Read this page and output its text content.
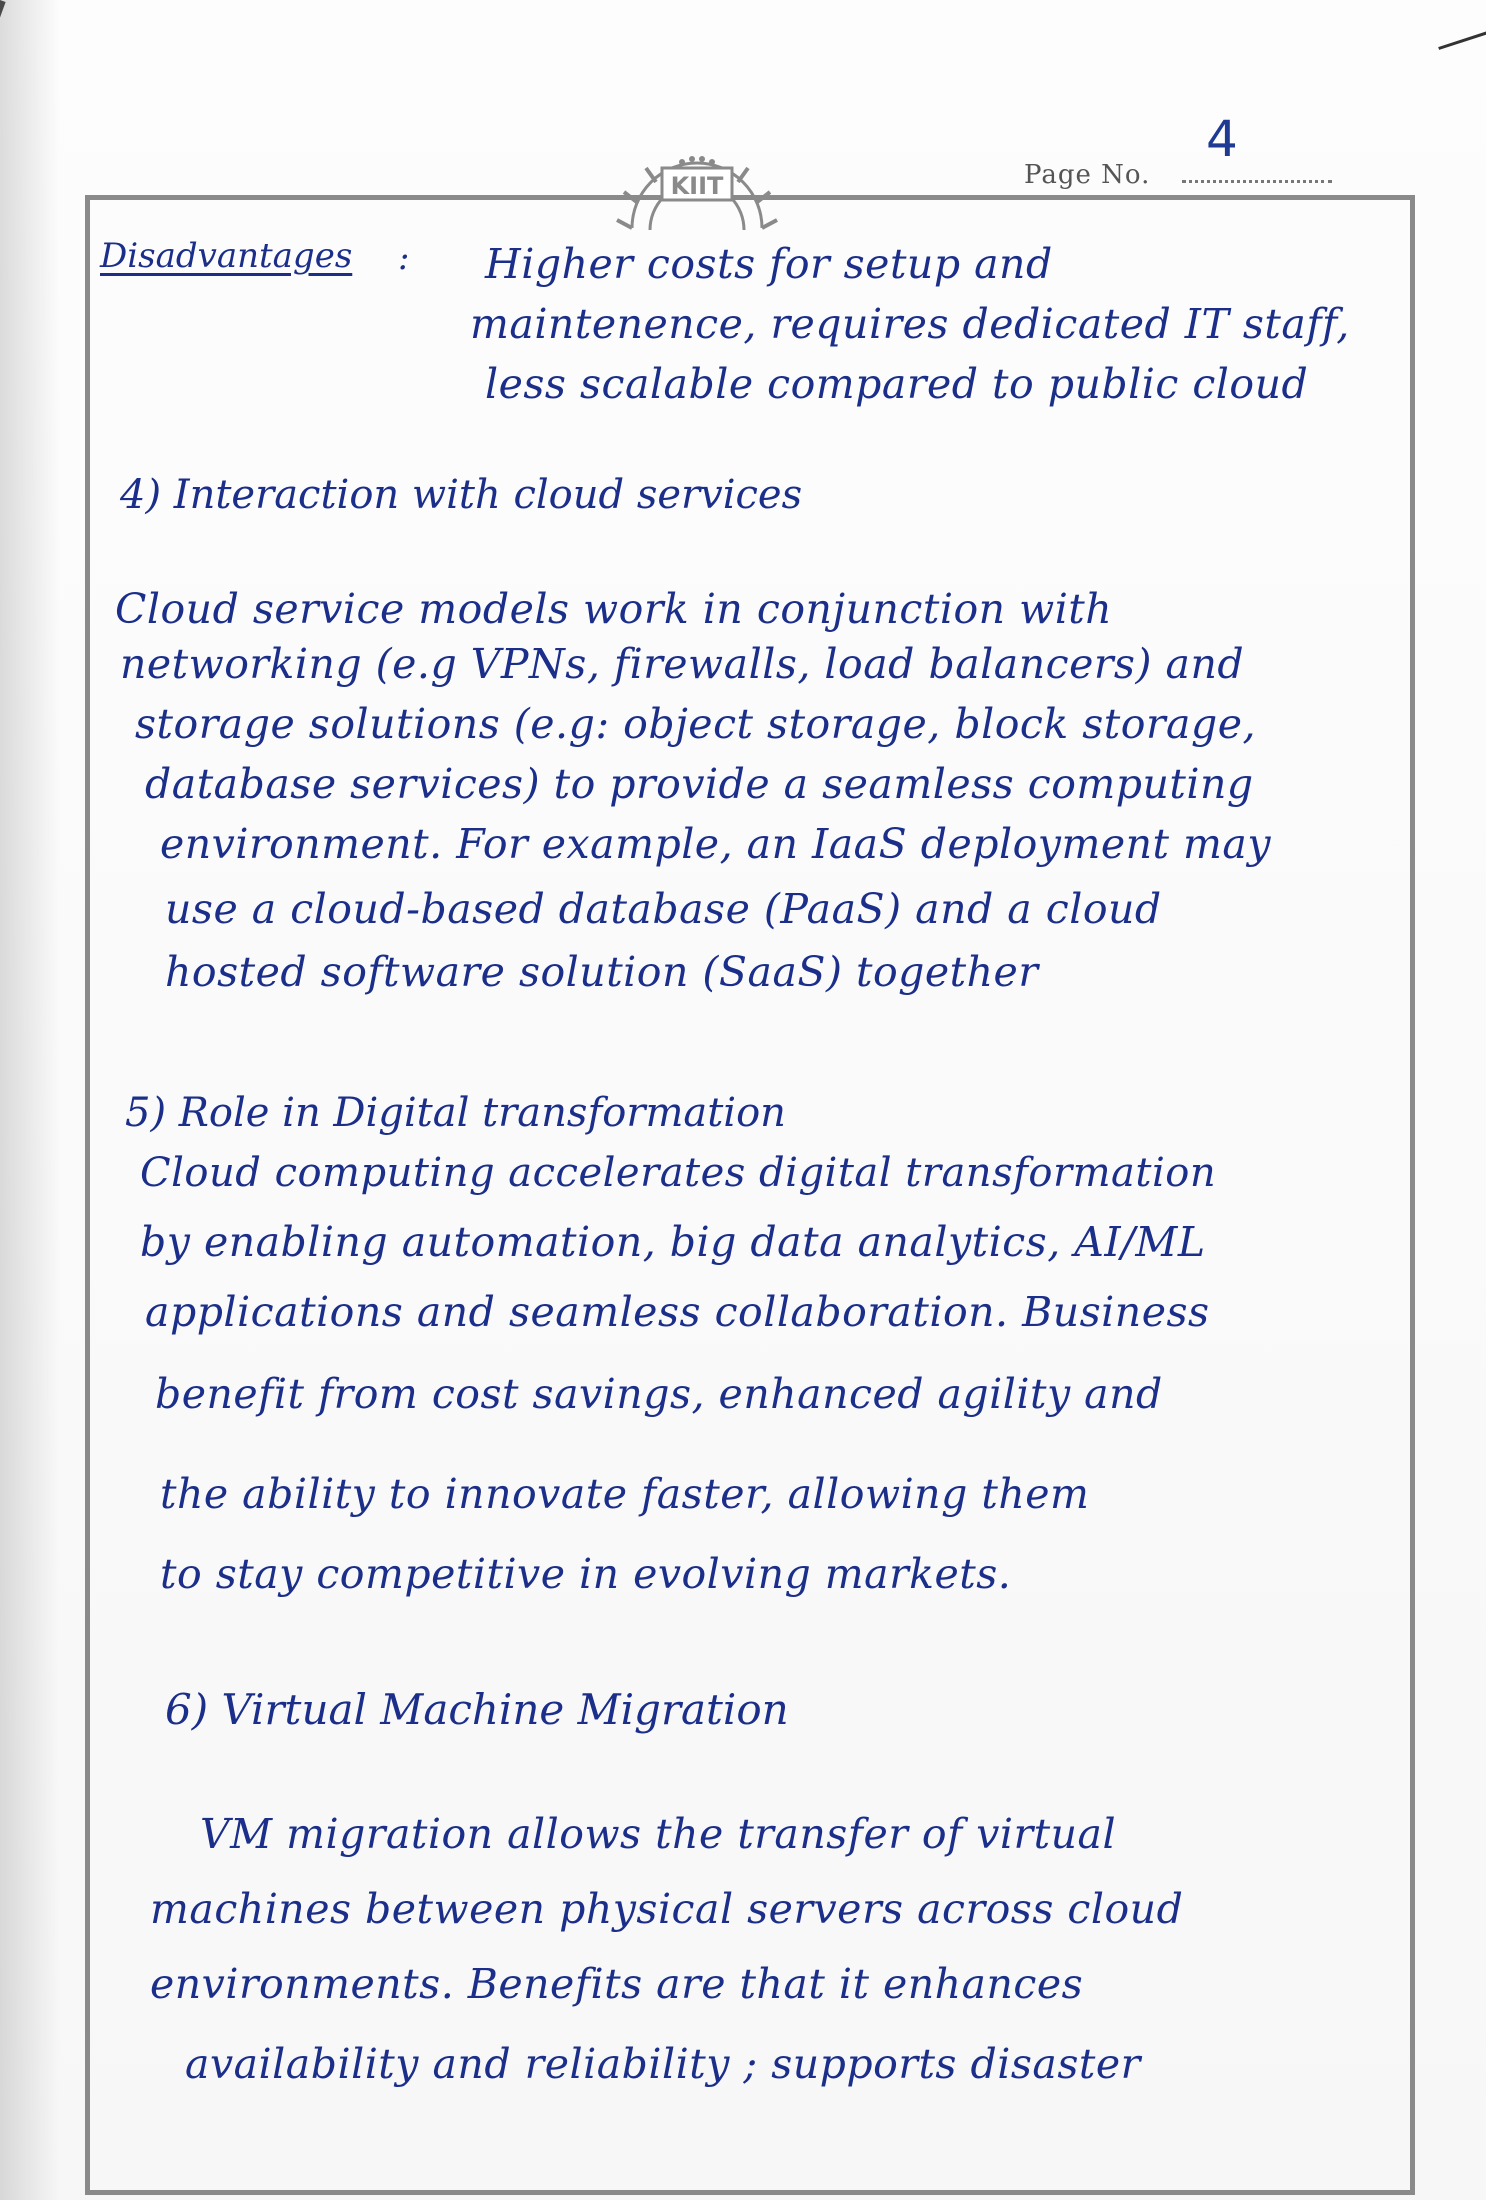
Page No.
4
KIIT
Disadvantages : Higher costs for setup and
maintenence, requires dedicated IT staff,
less scalable compared to public cloud
4) Interaction with cloud services
Cloud service models work in conjunction with
networking (e.g VPNs, firewalls, load balancers) and
storage solutions (e.g: object storage, block storage,
database services) to provide a seamless computing
environment. For example, an IaaS deployment may
use a cloud-based database (PaaS) and a cloud
hosted software solution (SaaS) together
5) Role in Digital transformation
Cloud computing accelerates digital transformation
by enabling automation, big data analytics, AI/ML
applications and seamless collaboration. Business
benefit from cost savings, enhanced agility and
the ability to innovate faster, allowing them
to stay competitive in evolving markets.
6) Virtual Machine Migration
VM migration allows the transfer of virtual
machines between physical servers across cloud
environments. Benefits are that it enhances
availability and reliability ; supports disaster
